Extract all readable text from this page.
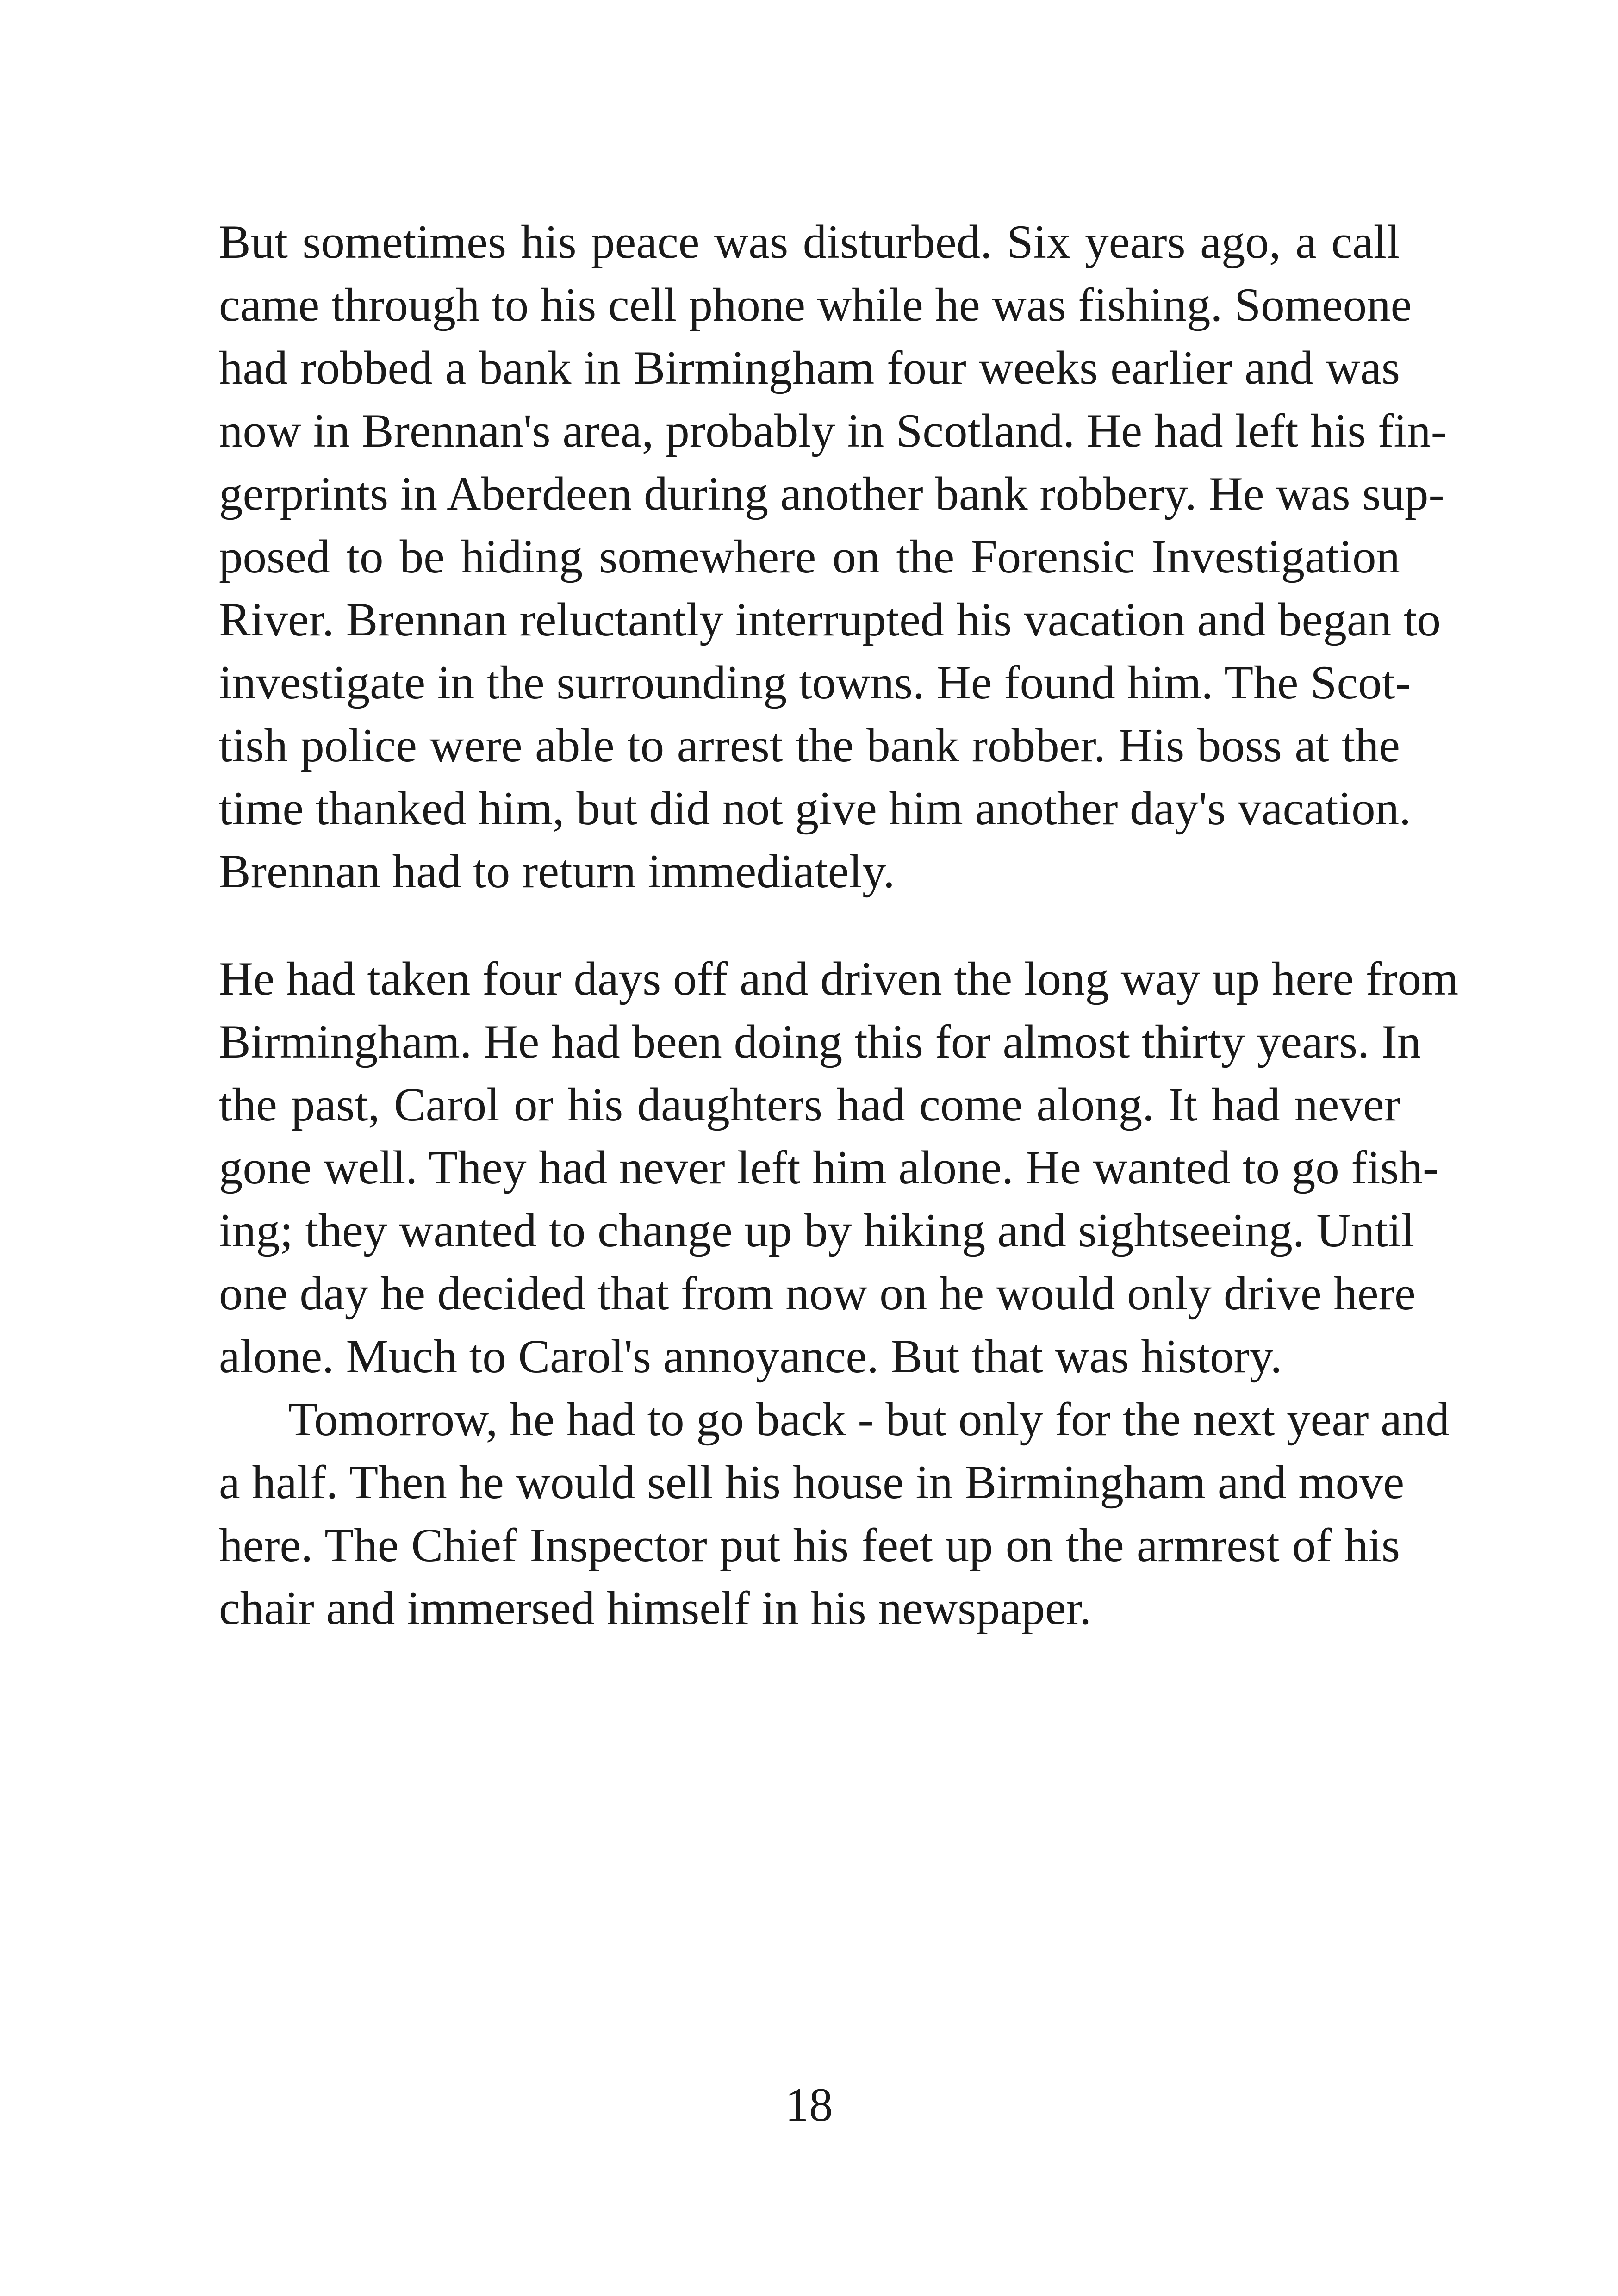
But sometimes his peace was disturbed. Six years ago, a call
came through to his cell phone while he was fishing. Someone
had robbed a bank in Birmingham four weeks earlier and was
now in Brennan's area, probably in Scotland. He had left his fin-
gerprints in Aberdeen during another bank robbery. He was sup-
posed to be hiding somewhere on the Forensic Investigation
River. Brennan reluctantly interrupted his vacation and began to
investigate in the surrounding towns. He found him. The Scot-
tish police were able to arrest the bank robber. His boss at the
time thanked him, but did not give him another day's vacation.
Brennan had to return immediately.
He had taken four days off and driven the long way up here from
Birmingham. He had been doing this for almost thirty years. In
the past, Carol or his daughters had come along. It had never
gone well. They had never left him alone. He wanted to go fish-
ing; they wanted to change up by hiking and sightseeing. Until
one day he decided that from now on he would only drive here
alone. Much to Carol's annoyance. But that was history.
Tomorrow, he had to go back - but only for the next year and
a half. Then he would sell his house in Birmingham and move
here. The Chief Inspector put his feet up on the armrest of his
chair and immersed himself in his newspaper.
18
